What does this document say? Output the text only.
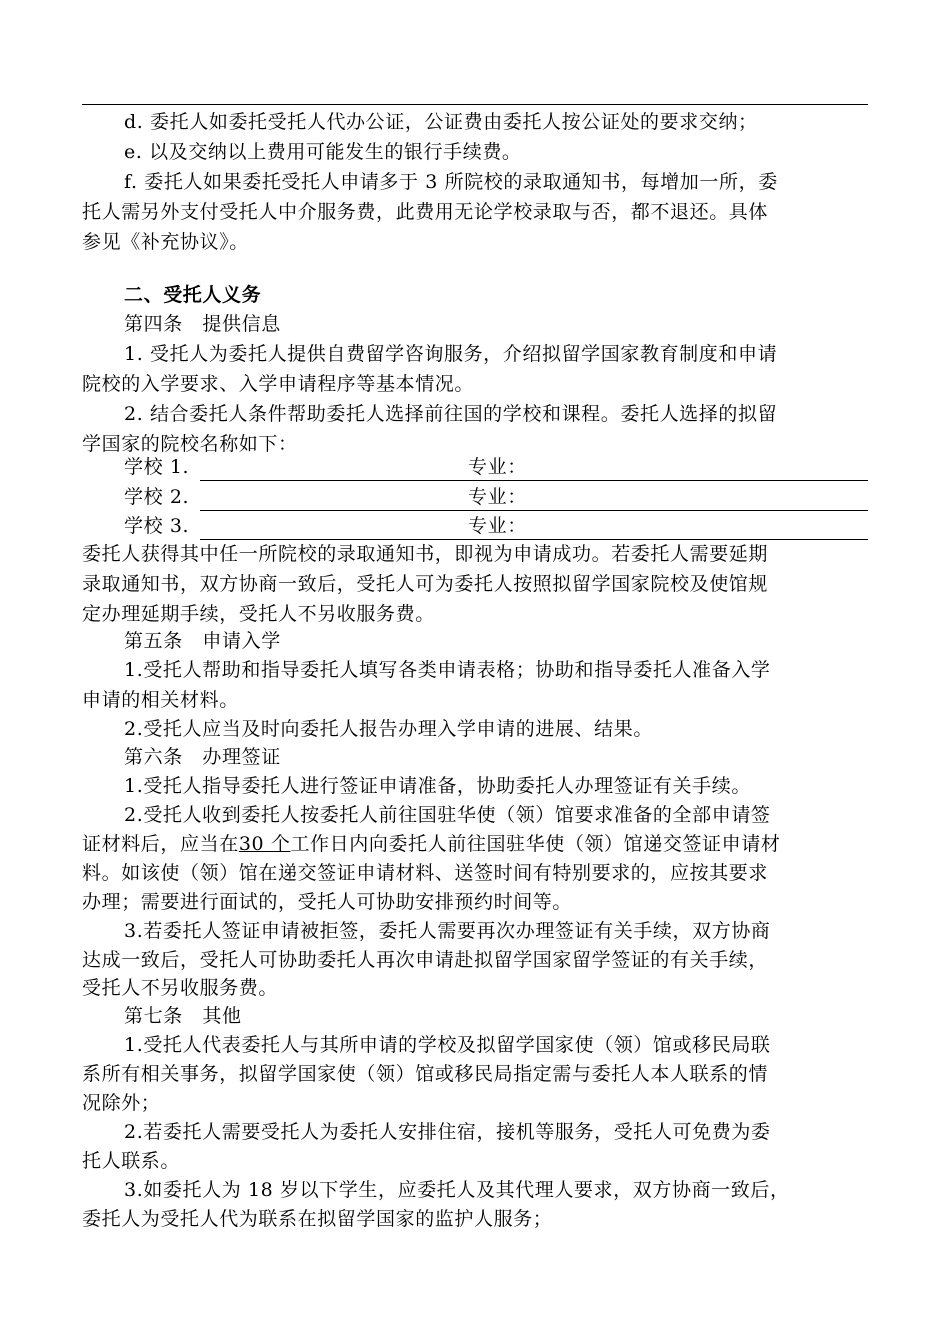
d. 委托人如委托受托人代办公证，公证费由委托人按公证处的要求交纳；
e. 以及交纳以上费用可能发生的银行手续费。
f. 委托人如果委托受托人申请多于 3 所院校的录取通知书，每增加一所，委
托人需另外支付受托人中介服务费，此费用无论学校录取与否，都不退还。具体
参见《补充协议》。
二、受托人义务
第四条　提供信息
1. 受托人为委托人提供自费留学咨询服务，介绍拟留学国家教育制度和申请
院校的入学要求、入学申请程序等基本情况。
2. 结合委托人条件帮助委托人选择前往国的学校和课程。委托人选择的拟留
学国家的院校名称如下：
学校 1.	专业：
学校 2.	专业：
学校 3.	专业：
委托人获得其中任一所院校的录取通知书，即视为申请成功。若委托人需要延期
录取通知书，双方协商一致后，受托人可为委托人按照拟留学国家院校及使馆规
定办理延期手续，受托人不另收服务费。
第五条　申请入学
1.受托人帮助和指导委托人填写各类申请表格；协助和指导委托人准备入学
申请的相关材料。
2.受托人应当及时向委托人报告办理入学申请的进展、结果。
第六条　办理签证
1.受托人指导委托人进行签证申请准备，协助委托人办理签证有关手续。
2.受托人收到委托人按委托人前往国驻华使（领）馆要求准备的全部申请签
证材料后，应当在30 个工作日内向委托人前往国驻华使（领）馆递交签证申请材
料。如该使（领）馆在递交签证申请材料、送签时间有特别要求的，应按其要求
办理；需要进行面试的，受托人可协助安排预约时间等。
3.若委托人签证申请被拒签，委托人需要再次办理签证有关手续，双方协商
达成一致后，受托人可协助委托人再次申请赴拟留学国家留学签证的有关手续，
受托人不另收服务费。
第七条　其他
1.受托人代表委托人与其所申请的学校及拟留学国家使（领）馆或移民局联
系所有相关事务，拟留学国家使（领）馆或移民局指定需与委托人本人联系的情
况除外；
2.若委托人需要受托人为委托人安排住宿，接机等服务，受托人可免费为委
托人联系。
3.如委托人为 18 岁以下学生，应委托人及其代理人要求，双方协商一致后，
委托人为受托人代为联系在拟留学国家的监护人服务；
